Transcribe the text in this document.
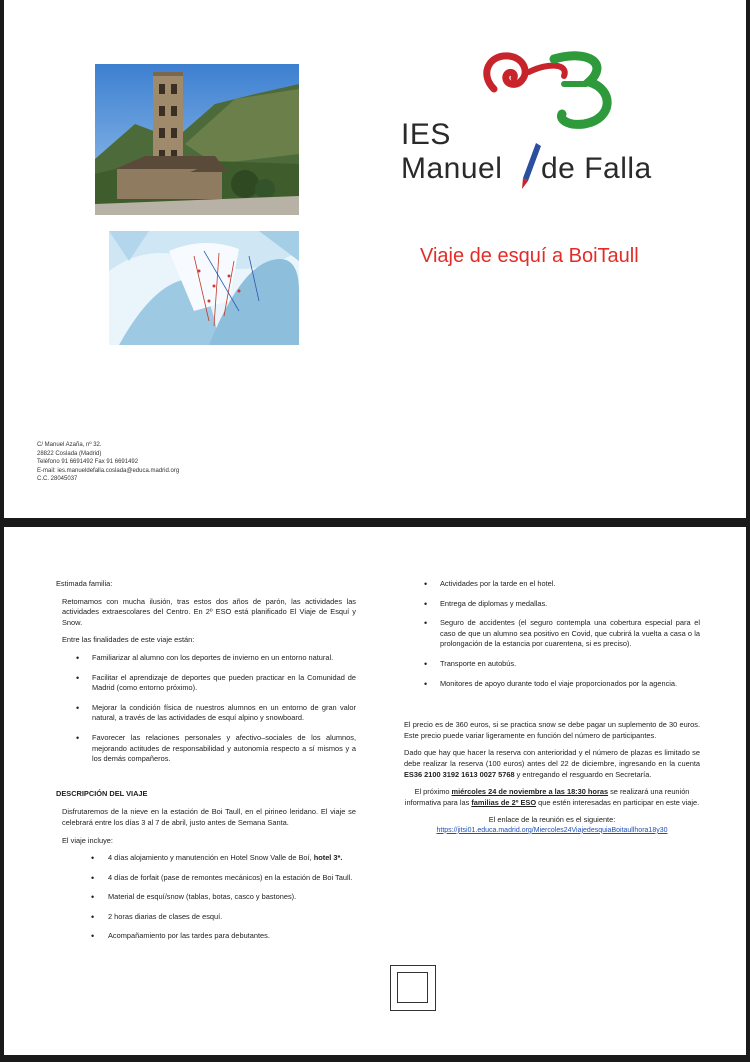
IES
Manuel de Falla
Viaje de esquí a BoiTaull
C/ Manuel Azaña, nº 32.
28822 Coslada (Madrid)
Teléfono 91 6691492 Fax 91 6691492
E-mail: ies.manueldefalla.coslada@educa.madrid.org
C.C. 28045037

Estimada familia:

Retomamos con mucha ilusión, tras estos dos años de parón, las actividades las actividades extraescolares del Centro. En 2º ESO está planificado El Viaje de Esquí y Snow.

Entre las finalidades de este viaje están:

• Familiarizar al alumno con los deportes de invierno en un entorno natural.
• Facilitar el aprendizaje de deportes que pueden practicar en la Comunidad de Madrid (como entorno próximo).
• Mejorar la condición física de nuestros alumnos en un entorno de gran valor natural, a través de las actividades de esquí alpino y snowboard.
• Favorecer las relaciones personales y afectivo–sociales de los alumnos, mejorando actitudes de responsabilidad y autonomía respecto a sí mismos y a los demás compañeros.
DESCRIPCIÓN DEL VIAJE

Disfrutaremos de la nieve en la estación de Boi Taull, en el pirineo leridano. El viaje se celebrará entre los días 3 al 7 de abril, justo antes de Semana Santa.

El viaje incluye:

• 4 días alojamiento y manutención en Hotel Snow Valle de Boí, hotel 3*.
• 4 días de forfait (pase de remontes mecánicos) en la estación de Boi Taull.
• Material de esquí/snow (tablas, botas, casco y bastones).
• 2 horas diarias de clases de esquí.
• Acompañamiento por las tardes para debutantes.
• Actividades por la tarde en el hotel.
• Entrega de diplomas y medallas.
• Seguro de accidentes (el seguro contempla una cobertura especial para el caso de que un alumno sea positivo en Covid, que cubrirá la vuelta a casa o la prolongación de la estancia por cuarentena, si es preciso).
• Transporte en autobús.
• Monitores de apoyo durante todo el viaje proporcionados por la agencia.

El precio es de 360 euros, si se practica snow se debe pagar un suplemento de 30 euros. Este precio puede variar ligeramente en función del número de participantes.

Dado que hay que hacer la reserva con anterioridad y el número de plazas es limitado se debe realizar la reserva (100 euros) antes del 22 de diciembre, ingresando en la cuenta ES36 2100 3192 1613 0027 5768 y entregando el resguardo en Secretaría.

El próximo miércoles 24 de noviembre a las 18:30 horas se realizará una reunión informativa para las familias de 2º ESO que estén interesadas en participar en este viaje.

El enlace de la reunión es el siguiente:

https://jitsi01.educa.madrid.org/Miercoles24ViajedesquiaBoitaullhora18y30
